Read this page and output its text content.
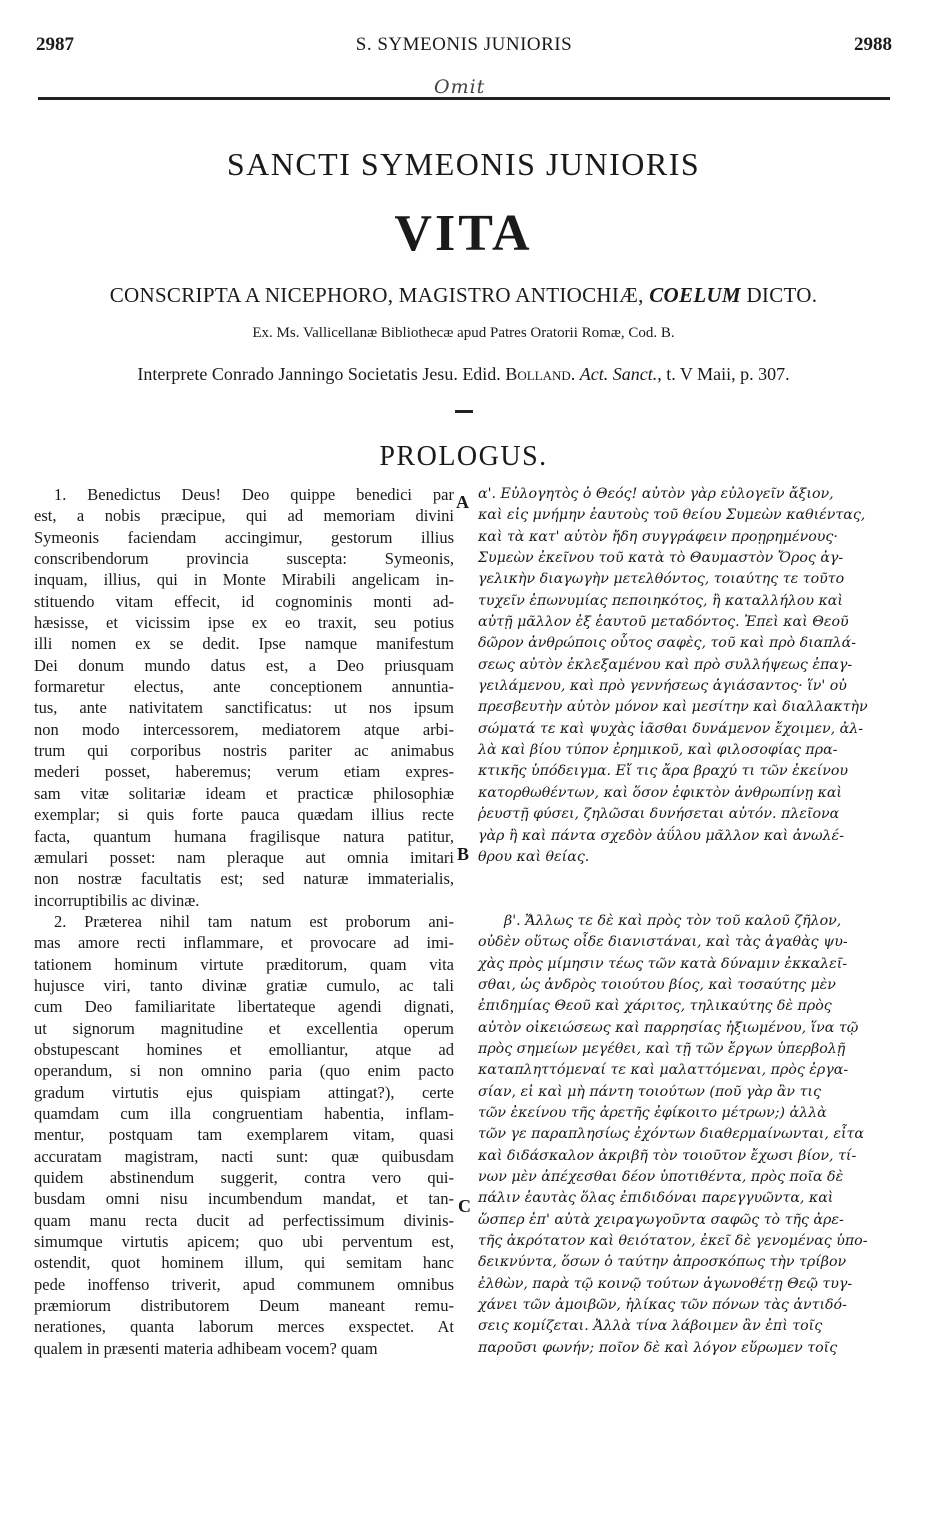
2987	S. SYMEONIS JUNIORIS	2988
Omit
SANCTI SYMEONIS JUNIORIS
VITA
CONSCRIPTA A NICEPHORO, MAGISTRO ANTIOCHIÆ, COELUM DICTO.
Ex. Ms. Vallicellanæ Bibliothecæ apud Patres Oratorii Romæ, Cod. B.
Interprete Conrado Janningo Societatis Jesu. Edid. Bolland. Act. Sanct., t. V Maii, p. 307.
PROLOGUS.
1. Benedictus Deus! Deo quippe benedici par
est, a nobis præcipue, qui ad memoriam divini
Symeonis faciendam accingimur, gestorum illius
conscribendorum provincia suscepta: Symeonis,
inquam, illius, qui in Monte Mirabili angelicam in-
stituendo vitam effecit, id cognominis monti ad-
hæsisse, et vicissim ipse ex eo traxit, seu potius
illi nomen ex se dedit. Ipse namque manifestum
Dei donum mundo datus est, a Deo priusquam
formaretur electus, ante conceptionem annuntia-
tus, ante nativitatem sanctificatus: ut nos ipsum
non modo intercessorem, mediatorem atque arbi-
trum qui corporibus nostris pariter ac animabus
mederi posset, haberemus; verum etiam expres-
sam vitæ solitariæ ideam et practicæ philosophiæ
exemplar; si quis forte pauca quædam illius recte
facta, quantum humana fragilisque natura patitur,
æmulari posset: nam pleraque aut omnia imitari
non nostræ facultatis est; sed naturæ immaterialis,
incorruptibilis ac divinæ.
2. Præterea nihil tam natum est proborum ani-
mas amore recti inflammare, et provocare ad imi-
tationem hominum virtute præditorum, quam vita
hujusce viri, tanto divinæ gratiæ cumulo, ac tali
cum Deo familiaritate libertateque agendi dignati,
ut signorum magnitudine et excellentia operum
obstupescant homines et emolliantur, atque ad
operandum, si non omnino paria (quo enim pacto
gradum virtutis ejus quispiam attingat?), certe
quamdam cum illa congruentiam habentia, inflam-
mentur, postquam tam exemplarem vitam, quasi
accuratam magistram, nacti sunt: quæ quibusdam
quidem abstinendum suggerit, contra vero qui-
busdam omni nisu incumbendum mandat, et tan-
quam manu recta ducit ad perfectissimum divinis-
simumque virtutis apicem; quo ubi perventum est,
ostendit, quot hominem illum, qui semitam hanc
pede inoffenso triverit, apud communem omnibus
præmiorum distributorem Deum maneant remu-
nerationes, quanta laborum merces exspectet. At
qualem in præsenti materia adhibeam vocem? quam
α'. Εὐλογητὸς ὁ Θεός! αὐτὸν γὰρ εὐλογεῖν ἄξιον,
καὶ εἰς μνήμην ἑαυτοὺς τοῦ θείου Συμεὼν καθιέντας,
καὶ τὰ κατ' αὐτὸν ἤδη συγγράφειν προῃρημένους·
Συμεὼν ἐκεῖνου τοῦ κατὰ τὸ Θαυμαστὸν Ὄρος ἀγ-
γελικὴν διαγωγὴν μετελθόντος, τοιαύτης τε τοῦτο
τυχεῖν ἐπωνυμίας πεποιηκότος, ἢ καταλλήλου καὶ
αὐτῇ μᾶλλον ἐξ ἑαυτοῦ μεταδόντος. Ἐπεὶ καὶ Θεοῦ
δῶρον ἀνθρώποις οὗτος σαφὲς, τοῦ καὶ πρὸ διαπλά-
σεως αὐτὸν ἐκλεξαμένου καὶ πρὸ συλλήψεως ἐπαγ-
γειλάμενου, καὶ πρὸ γεννήσεως ἁγιάσαντος· ἵν' οὐ
πρεσβευτὴν αὐτὸν μόνον καὶ μεσίτην καὶ διαλλακτὴν
σώματά τε καὶ ψυχὰς ἰᾶσθαι δυνάμενον ἔχοιμεν, ἀλ-
λὰ καὶ βίου τύπον ἐρημικοῦ, καὶ φιλοσοφίας πρα-
κτικῆς ὑπόδειγμα. Εἴ τις ἄρα βραχύ τι τῶν ἐκείνου
κατορθωθέντων, καὶ ὅσον ἐφικτὸν ἀνθρωπίνῃ καὶ
ῥευστῇ φύσει, ζηλῶσαι δυνήσεται αὐτόν. πλεῖονα
γὰρ ἢ καὶ πάντα σχεδὸν ἀΰλου μᾶλλον καὶ ἀνωλέ-
θρου καὶ θείας.
β'. Ἄλλως τε δὲ καὶ πρὸς τὸν τοῦ καλοῦ ζῆλον,
οὐδὲν οὕτως οἶδε διανιστάναι, καὶ τὰς ἀγαθὰς ψυ-
χὰς πρὸς μίμησιν τέως τῶν κατὰ δύναμιν ἐκκαλεῖ-
σθαι, ὡς ἀνδρὸς τοιούτου βίος, καὶ τοσαύτης μὲν
ἐπιδημίας Θεοῦ καὶ χάριτος, τηλικαύτης δὲ πρὸς
αὐτὸν οἰκειώσεως καὶ παρρησίας ἠξιωμένου, ἵνα τῷ
πρὸς σημείων μεγέθει, καὶ τῇ τῶν ἔργων ὑπερβολῇ
καταπληττόμεναί τε καὶ μαλαττόμεναι, πρὸς ἐργα-
σίαν, εἰ καὶ μὴ πάντη τοιούτων (ποῦ γὰρ ἂν τις
τῶν ἐκείνου τῆς ἀρετῆς ἐφίκοιτο μέτρων;) ἀλλὰ
τῶν γε παραπλησίως ἐχόντων διαθερμαίνωνται, εἶτα
καὶ διδάσκαλον ἀκριβῆ τὸν τοιοῦτον ἔχωσι βίον, τί-
νων μὲν ἀπέχεσθαι δέον ὑποτιθέντα, πρὸς ποῖα δὲ
πάλιν ἑαυτὰς ὅλας ἐπιδιδόναι παρεγγυῶντα, καὶ
ὥσπερ ἐπ' αὐτὰ χειραγωγοῦντα σαφῶς τὸ τῆς ἀρε-
τῆς ἀκρότατον καὶ θειότατον, ἐκεῖ δὲ γενομένας ὑπο-
δεικνύντα, ὅσων ὁ ταύτην ἀπροσκόπως τὴν τρίβον
ἐλθὼν, παρὰ τῷ κοινῷ τούτων ἀγωνοθέτῃ Θεῷ τυγ-
χάνει τῶν ἀμοιβῶν, ἡλίκας τῶν πόνων τὰς ἀντιδό-
σεις κομίζεται. Ἀλλὰ τίνα λάβοιμεν ἂν ἐπὶ τοῖς
παροῦσι φωνήν; ποῖον δὲ καὶ λόγον εὕρωμεν τοῖς
A
B
C
